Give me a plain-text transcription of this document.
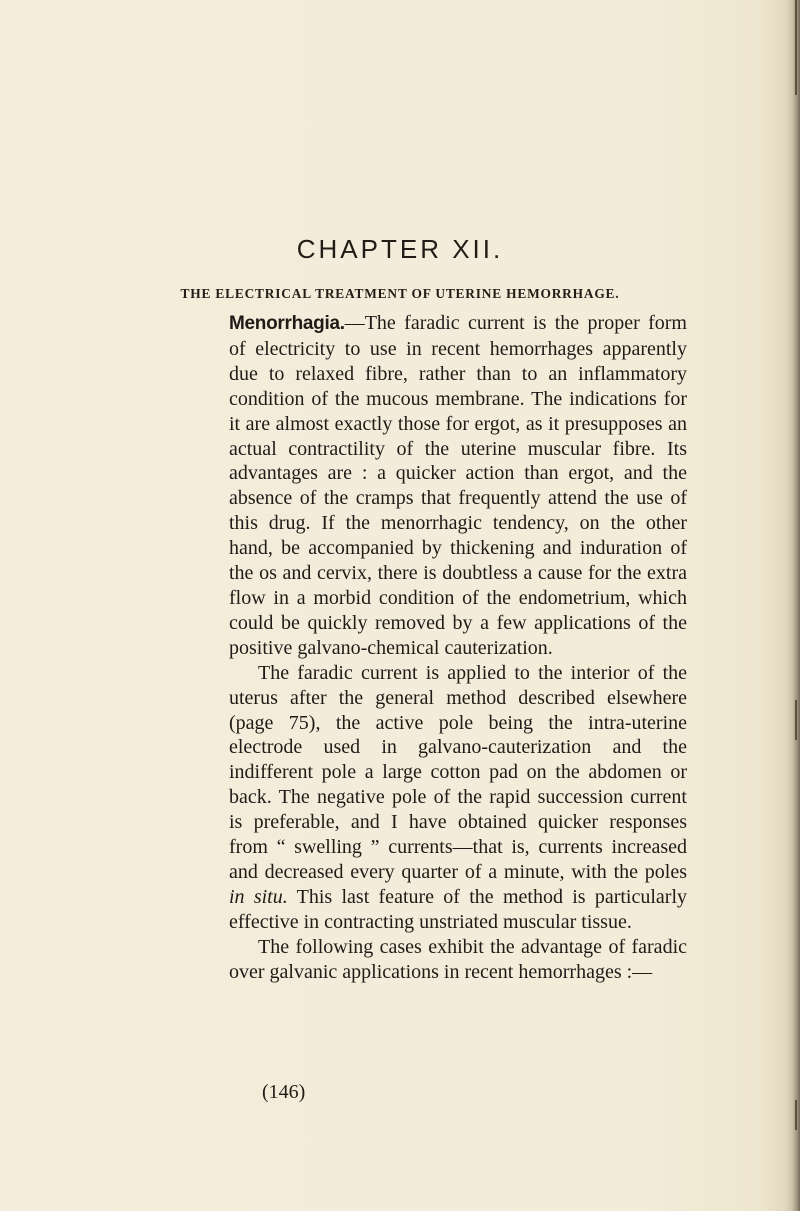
CHAPTER XII.
THE ELECTRICAL TREATMENT OF UTERINE HEMORRHAGE.

Menorrhagia.—The faradic current is the proper form of electricity to use in recent hemorrhages apparently due to relaxed fibre, rather than to an inflammatory condition of the mucous membrane. The indications for it are almost exactly those for ergot, as it presupposes an actual contractility of the uterine muscular fibre. Its advantages are : a quicker action than ergot, and the absence of the cramps that frequently attend the use of this drug. If the menorrhagic tendency, on the other hand, be accompanied by thickening and induration of the os and cervix, there is doubtless a cause for the extra flow in a morbid condition of the endometrium, which could be quickly removed by a few applications of the positive galvano-chemical cauterization.

The faradic current is applied to the interior of the uterus after the general method described elsewhere (page 75), the active pole being the intra-uterine electrode used in galvano-cauterization and the indifferent pole a large cotton pad on the abdomen or back. The negative pole of the rapid succession current is preferable, and I have obtained quicker responses from “ swelling ” currents—that is, currents increased and decreased every quarter of a minute, with the poles in situ. This last feature of the method is particularly effective in contracting unstriated muscular tissue.

The following cases exhibit the advantage of faradic over galvanic applications in recent hemorrhages :—

(146)
